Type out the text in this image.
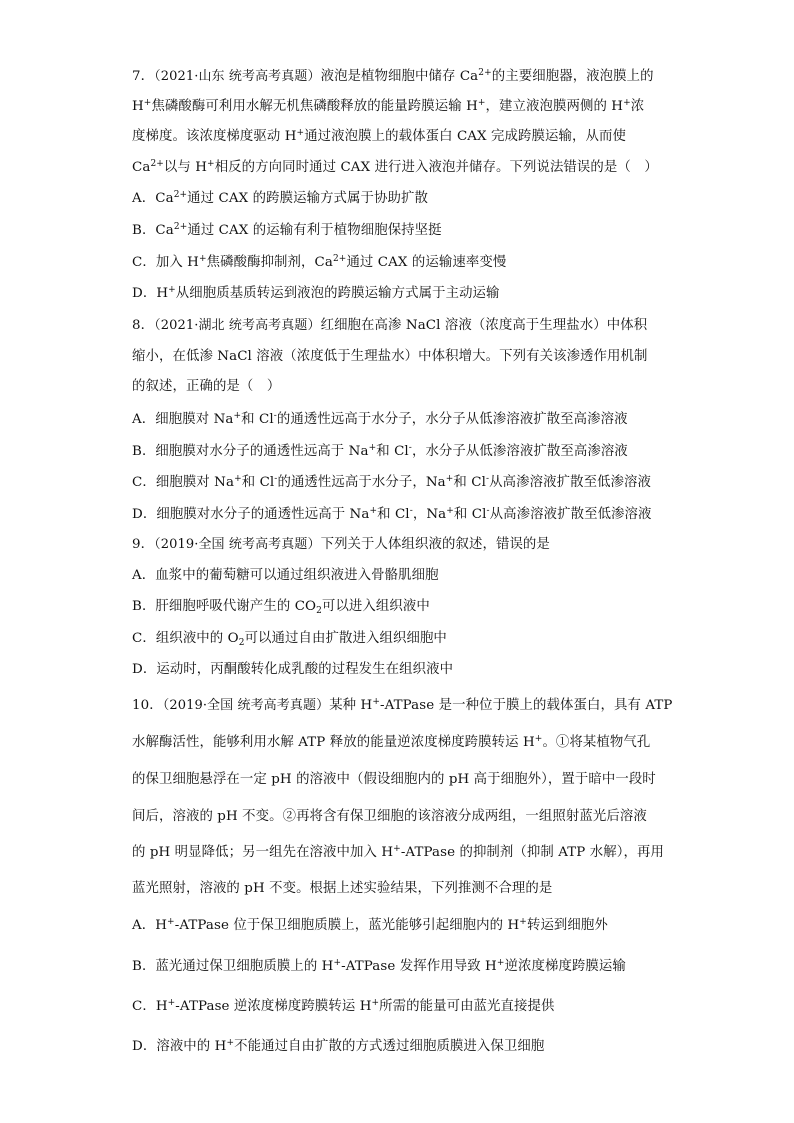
7．（2021·山东 统考高考真题）液泡是植物细胞中储存 $Ca^{2+}$的主要细胞器，液泡膜上的
H+焦磷酸酶可利用水解无机焦磷酸释放的能量跨膜运输 H+，建立液泡膜两侧的 H+浓
度梯度。该浓度梯度驱动 H+通过液泡膜上的载体蛋白 CAX 完成跨膜运输，从而使
$Ca^{2+}$以与 H+相反的方向同时通过 CAX 进行进入液泡并储存。下列说法错误的是（　）
A．$Ca^{2+}$通过 CAX 的跨膜运输方式属于协助扩散
B．$Ca^{2+}$通过 CAX 的运输有利于植物细胞保持坚挺
C．加入 H+焦磷酸酶抑制剂，$Ca^{2+}$通过 CAX 的运输速率变慢
D．H+从细胞质基质转运到液泡的跨膜运输方式属于主动运输
8．（2021·湖北 统考高考真题）红细胞在高渗 NaCl 溶液（浓度高于生理盐水）中体积
缩小，在低渗 NaCl 溶液（浓度低于生理盐水）中体积增大。下列有关该渗透作用机制
的叙述，正确的是（　）
A．细胞膜对 Na+和 Cl-的通透性远高于水分子，水分子从低渗溶液扩散至高渗溶液
B．细胞膜对水分子的通透性远高于 Na+和 Cl-，水分子从低渗溶液扩散至高渗溶液
C．细胞膜对 Na+和 Cl-的通透性远高于水分子，Na+和 Cl-从高渗溶液扩散至低渗溶液
D．细胞膜对水分子的通透性远高于 Na+和 Cl-，Na+和 Cl-从高渗溶液扩散至低渗溶液
9．（2019·全国 统考高考真题）下列关于人体组织液的叙述，错误的是
A．血浆中的葡萄糖可以通过组织液进入骨骼肌细胞
B．肝细胞呼吸代谢产生的 $CO_2$可以进入组织液中
C．组织液中的 $O_2$可以通过自由扩散进入组织细胞中
D．运动时，丙酮酸转化成乳酸的过程发生在组织液中
10．（2019·全国 统考高考真题）某种 H+-ATPase 是一种位于膜上的载体蛋白，具有 ATP
水解酶活性，能够利用水解 ATP 释放的能量逆浓度梯度跨膜转运 H+。①将某植物气孔
的保卫细胞悬浮在一定 pH 的溶液中（假设细胞内的 pH 高于细胞外），置于暗中一段时
间后，溶液的 pH 不变。②再将含有保卫细胞的该溶液分成两组，一组照射蓝光后溶液
的 pH 明显降低；另一组先在溶液中加入 H+-ATPase 的抑制剂（抑制 ATP 水解），再用
蓝光照射，溶液的 pH 不变。根据上述实验结果，下列推测不合理的是
A．H+-ATPase 位于保卫细胞质膜上，蓝光能够引起细胞内的 H+转运到细胞外
B．蓝光通过保卫细胞质膜上的 H+-ATPase 发挥作用导致 H+逆浓度梯度跨膜运输
C．H+-ATPase 逆浓度梯度跨膜转运 H+所需的能量可由蓝光直接提供
D．溶液中的 H+不能通过自由扩散的方式透过细胞质膜进入保卫细胞
